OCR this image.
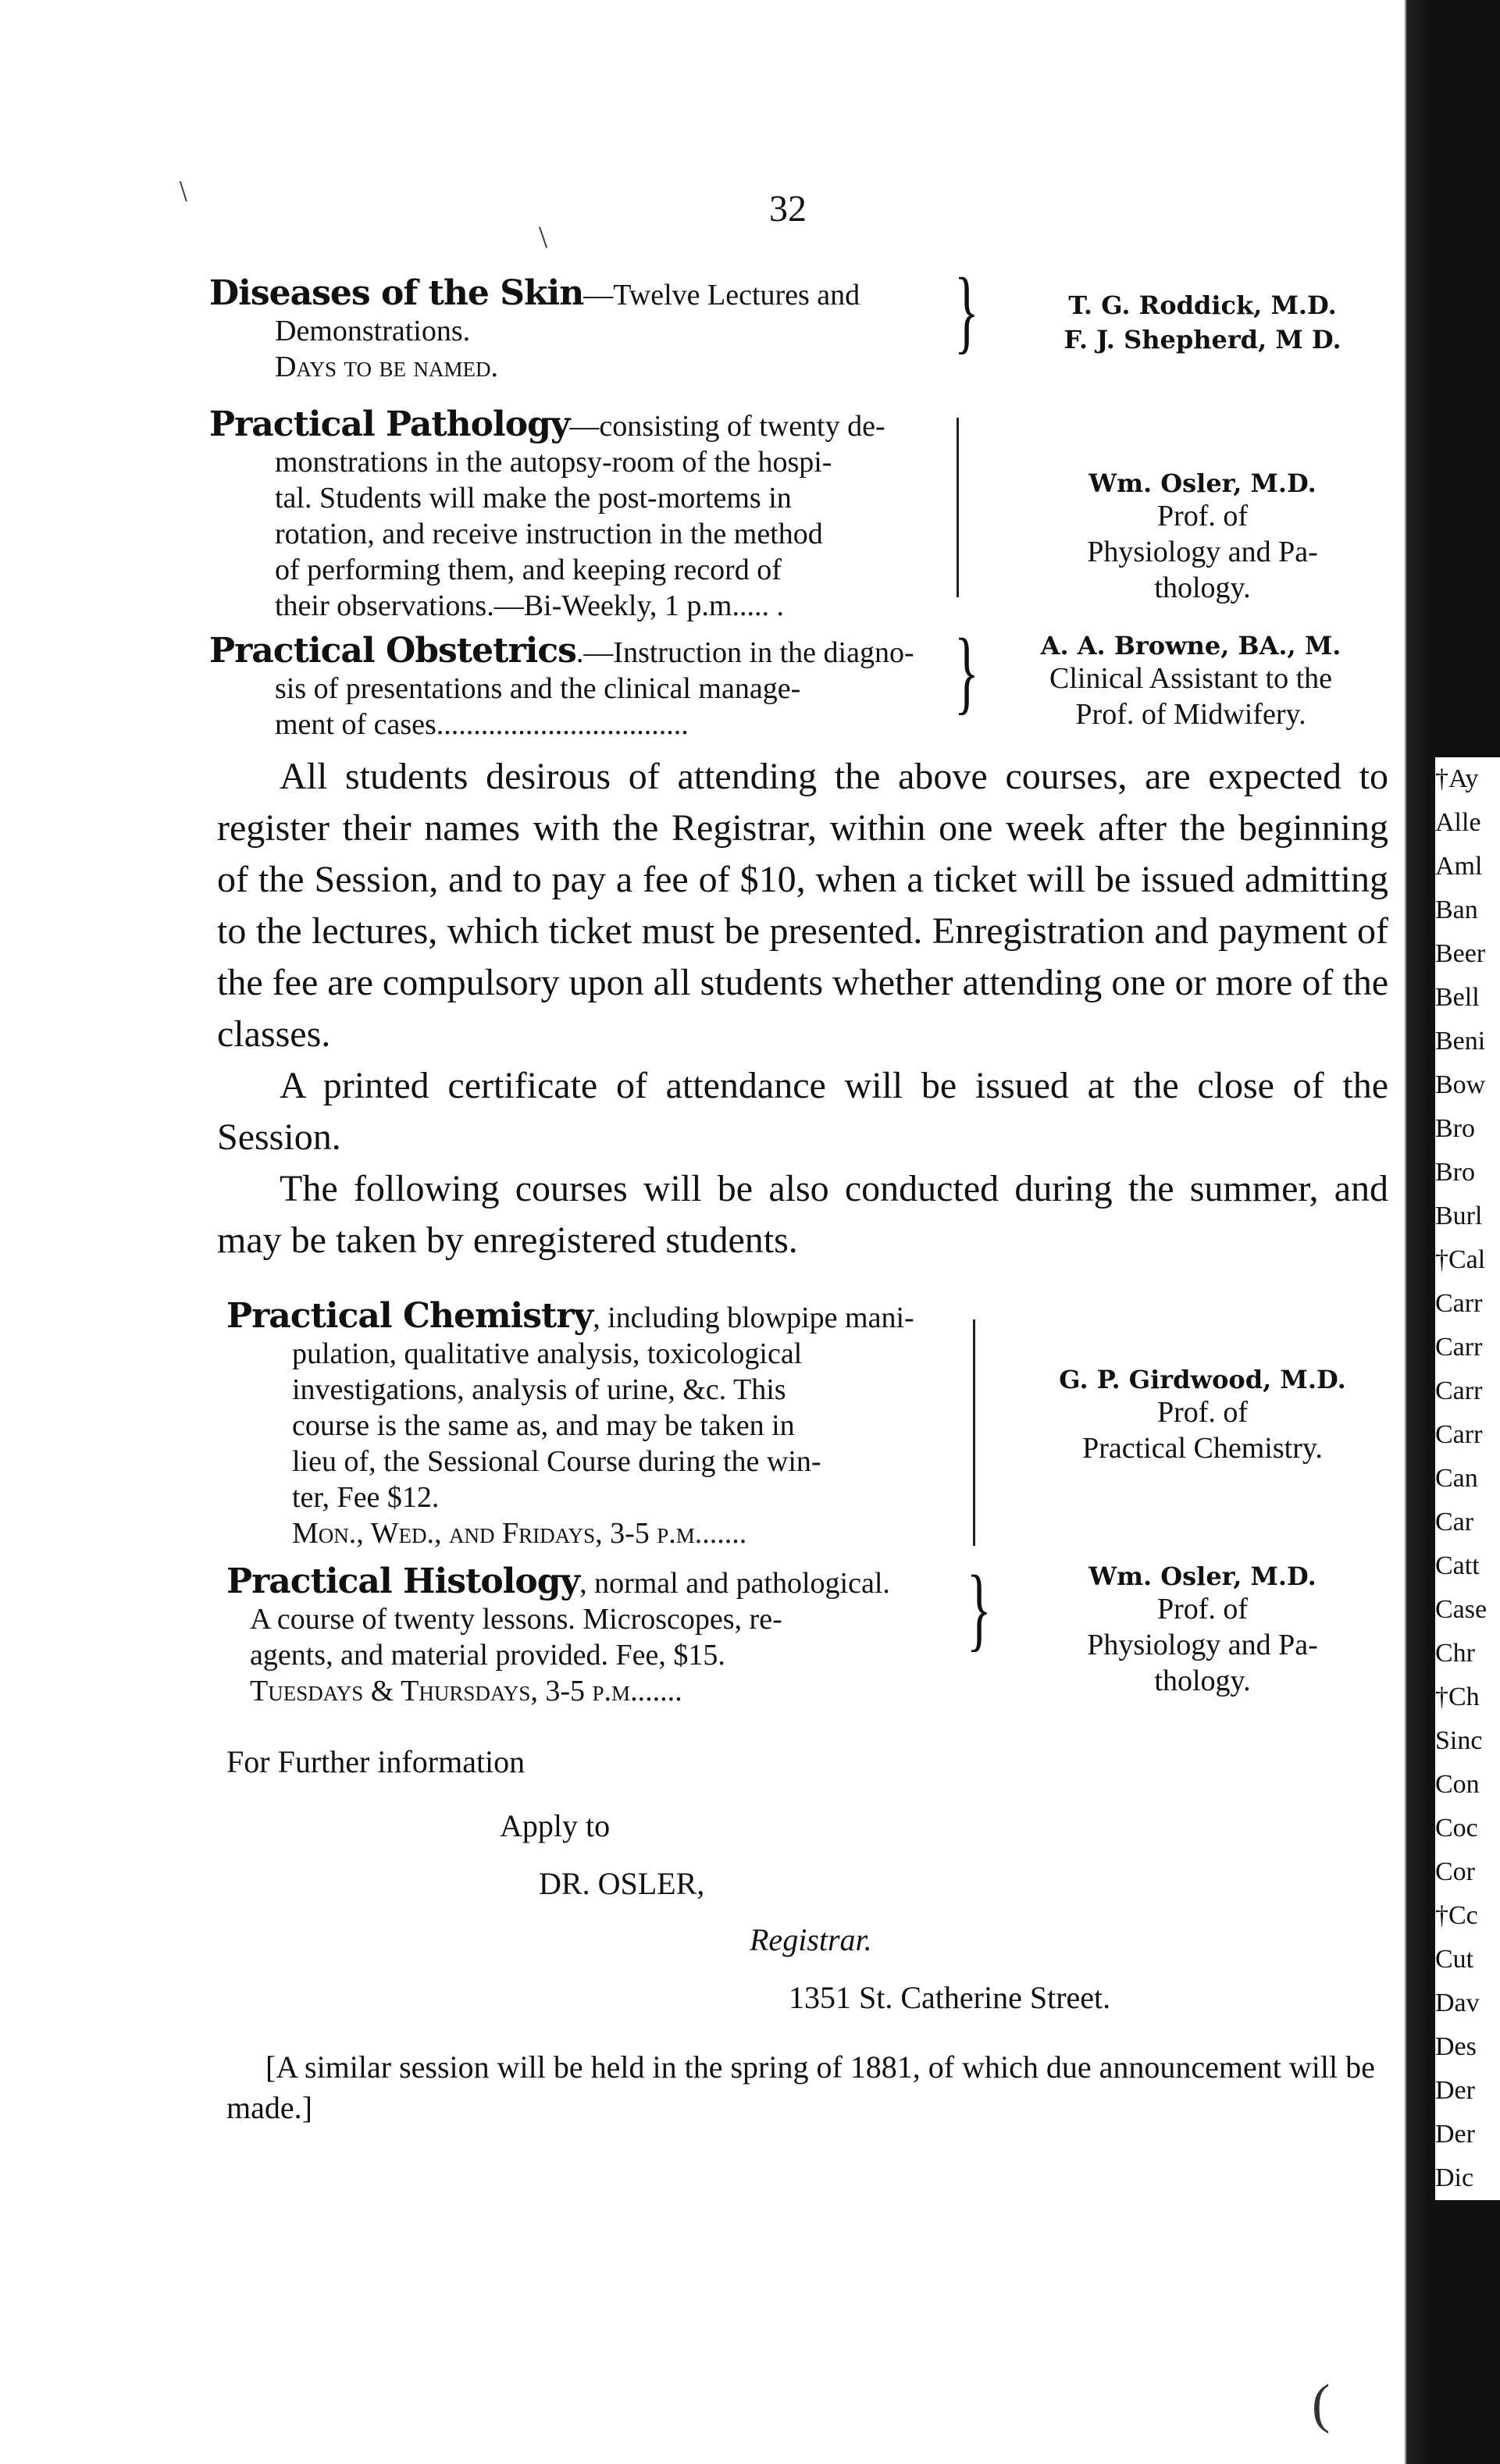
32
﹨
\
Diseases of the Skin—Twelve Lectures and
Demonstrations.
Days to be named.
}	T. G. Roddick, M.D.
F. J. Shepherd, M D.
Practical Pathology—consisting of twenty de-
monstrations in the autopsy-room of the hospi-
tal. Students will make the post-mortems in
rotation, and receive instruction in the method
of performing them, and keeping record of
their observations.—Bi-Weekly, 1 p.m..... .
Wm. Osler, M.D.
Prof. of
Physiology and Pa-
thology.
Practical Obstetrics.—Instruction in the diagno-
sis of presentations and the clinical manage-
ment of cases..................................
}	A. A. Browne, BA., M.
Clinical Assistant to the
Prof. of Midwifery.
All students desirous of attending the above courses, are expected to register their names with the Registrar, within one week after the beginning of the Session, and to pay a fee of $10, when a ticket will be issued admitting to the lectures, which ticket must be presented. Enregistration and payment of the fee are compulsory upon all students whether attending one or more of the classes.
A printed certificate of attendance will be issued at the close of the Session.
The following courses will be also conducted during the summer, and may be taken by enregistered students.
Practical Chemistry, including blowpipe mani-
pulation, qualitative analysis, toxicological
investigations, analysis of urine, &c. This
course is the same as, and may be taken in
lieu of, the Sessional Course during the win-
ter, Fee $12.
Mon., Wed., and Fridays, 3-5 p.m.......
G. P. Girdwood, M.D.
Prof. of
Practical Chemistry.
Practical Histology, normal and pathological.
A course of twenty lessons. Microscopes, re-
agents, and material provided. Fee, $15.
Tuesdays & Thursdays, 3-5 p.m.......
}	Wm. Osler, M.D.
Prof. of
Physiology and Pa-
thology.
For Further information
Apply to
DR. OSLER,
Registrar.
1351 St. Catherine Street.
[A similar session will be held in the spring of 1881, of which due announcement will be made.]
†Ay
Alle
Aml
Ban
Beer
Bell
Beni
Bow
Bro
Bro
Burl
†Cal
Carr
Carr
Carr
Carr
Can
Car
Catt
Case
Chr
†Ch
Sinc
Con
Coc
Cor
†Cc
Cut
Dav
Des
Der
Der
Dic
(
